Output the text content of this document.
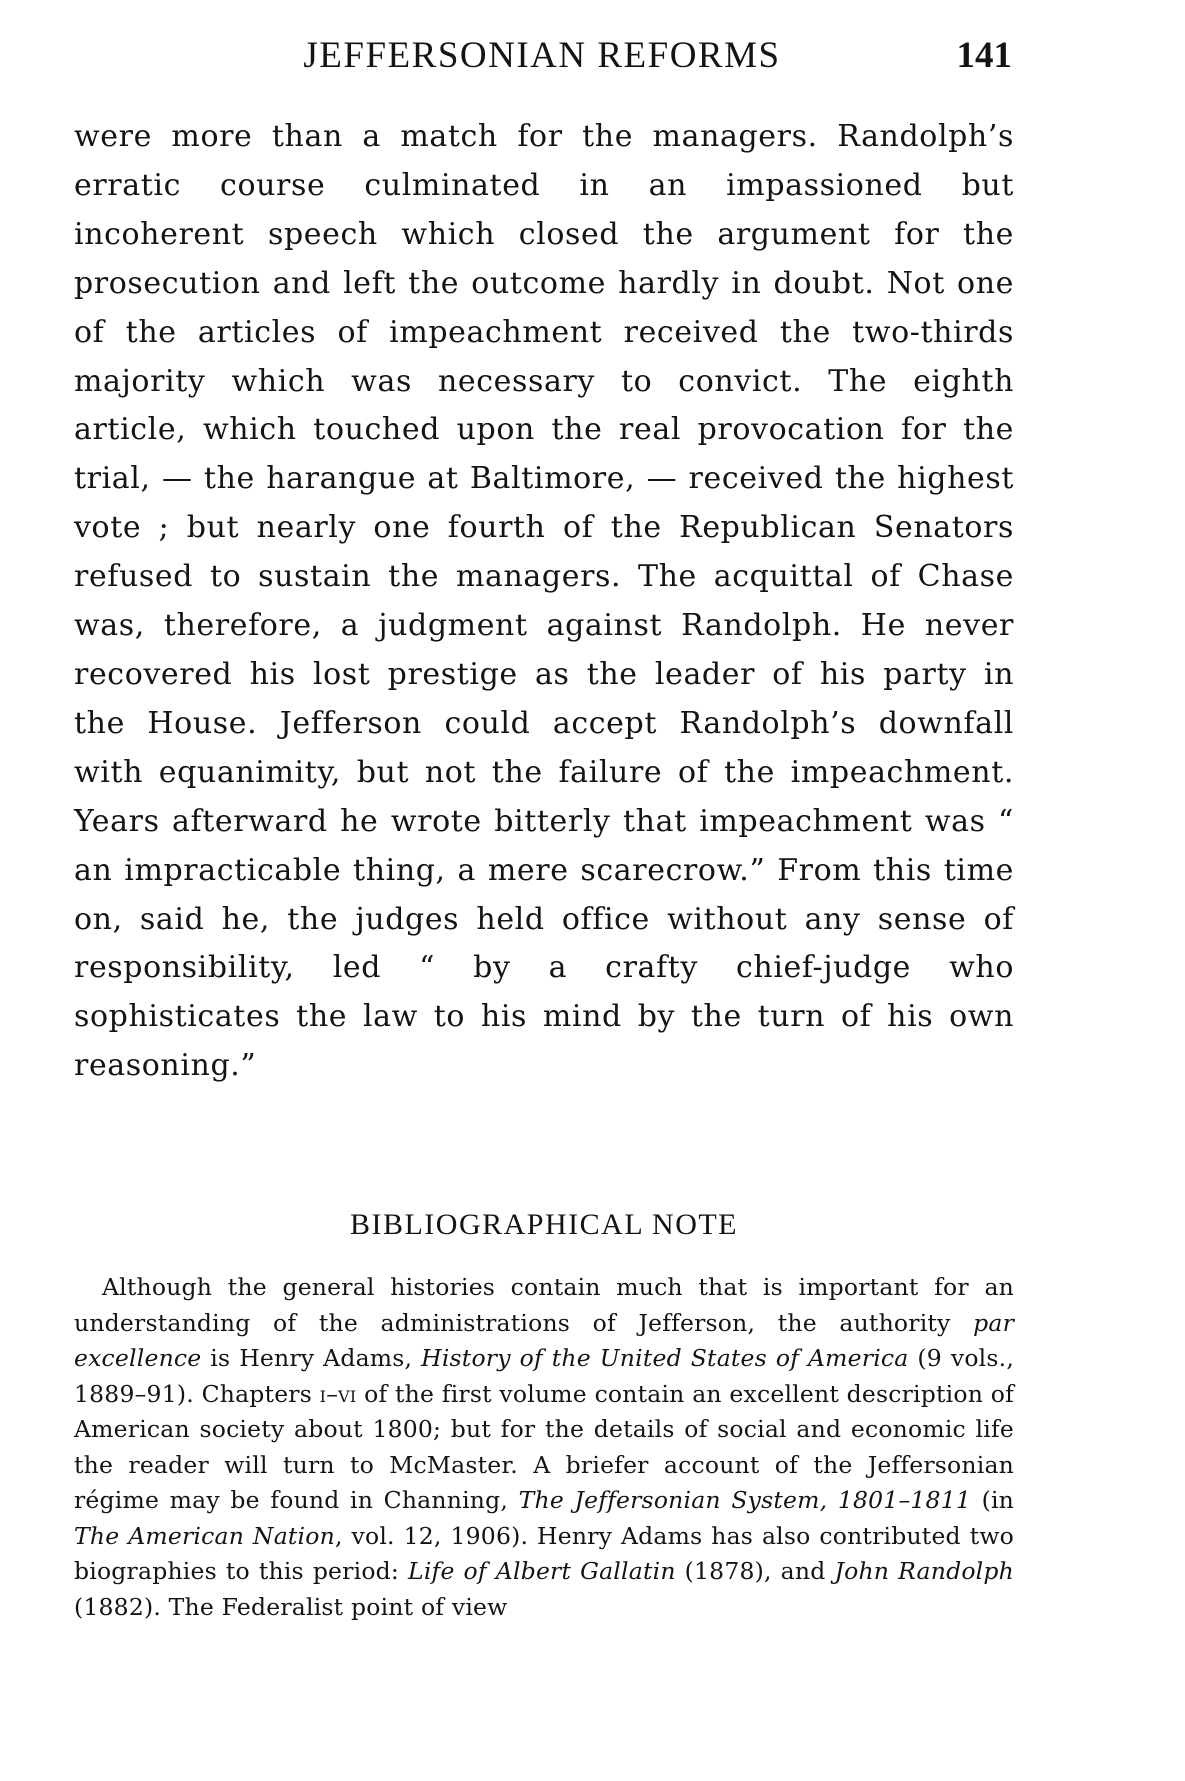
JEFFERSONIAN REFORMS	141

were more than a match for the managers. Randolph’s erratic course culminated in an impassioned but incoherent speech which closed the argument for the prosecution and left the outcome hardly in doubt. Not one of the articles of impeachment received the two-thirds majority which was necessary to convict. The eighth article, which touched upon the real provocation for the trial, — the harangue at Baltimore, — received the highest vote ; but nearly one fourth of the Republican Senators refused to sustain the managers. The acquittal of Chase was, therefore, a judgment against Randolph. He never recovered his lost prestige as the leader of his party in the House. Jefferson could accept Randolph’s downfall with equanimity, but not the failure of the impeachment. Years afterward he wrote bitterly that impeachment was “ an impracticable thing, a mere scarecrow.” From this time on, said he, the judges held office without any sense of responsibility, led “ by a crafty chief-judge who sophisticates the law to his mind by the turn of his own reasoning.”

BIBLIOGRAPHICAL NOTE

Although the general histories contain much that is important for an understanding of the administrations of Jefferson, the authority par excellence is Henry Adams, History of the United States of America (9 vols., 1889–91). Chapters i–vi of the first volume contain an excellent description of American society about 1800; but for the details of social and economic life the reader will turn to McMaster. A briefer account of the Jeffersonian régime may be found in Channing, The Jeffersonian System, 1801–1811 (in The American Nation, vol. 12, 1906). Henry Adams has also contributed two biographies to this period: Life of Albert Gallatin (1878), and John Randolph (1882). The Federalist point of view
